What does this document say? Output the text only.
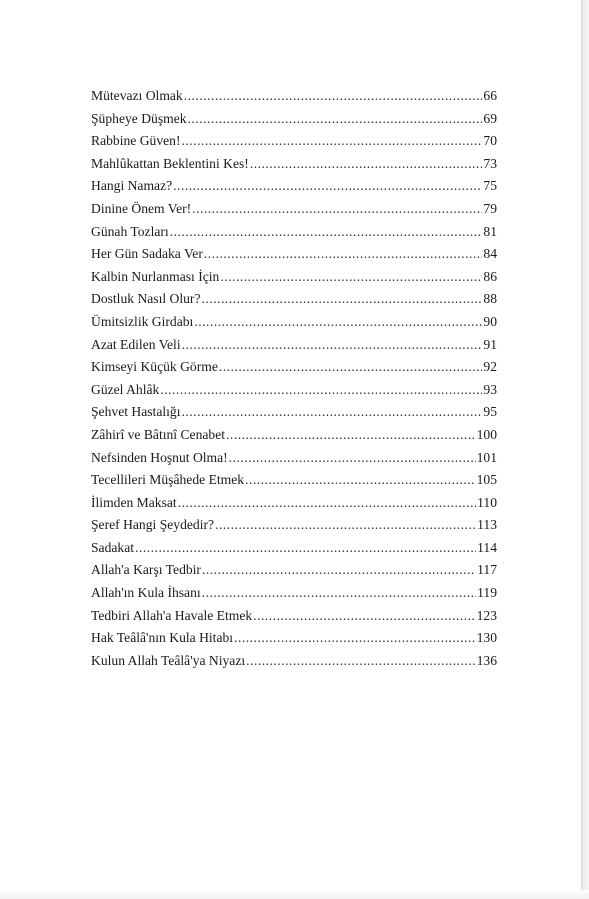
Mütevazı Olmak .....	66
Şüpheye Düşmek .....	69
Rabbine Güven! .....	70
Mahlûkattan Beklentini Kes! .....	73
Hangi Namaz? .....	75
Dinine Önem Ver! .....	79
Günah Tozları .....	81
Her Gün Sadaka Ver .....	84
Kalbin Nurlanması İçin .....	86
Dostluk Nasıl Olur? .....	88
Ümitsizlik Girdabı .....	90
Azat Edilen Veli .....	91
Kimseyi Küçük Görme .....	92
Güzel Ahlâk .....	93
Şehvet Hastalığı .....	95
Zâhirî ve Bâtınî Cenabet .....	100
Nefsinden Hoşnut Olma! .....	101
Tecellileri Müşâhede Etmek .....	105
İlimden Maksat .....	110
Şeref Hangi Şeydedir? .....	113
Sadakat .....	114
Allah'a Karşı Tedbir .....	117
Allah'ın Kula İhsanı .....	119
Tedbiri Allah'a Havale Etmek .....	123
Hak Teâlâ'nın Kula Hitabı .....	130
Kulun Allah Teâlâ'ya Niyazı .....	136
